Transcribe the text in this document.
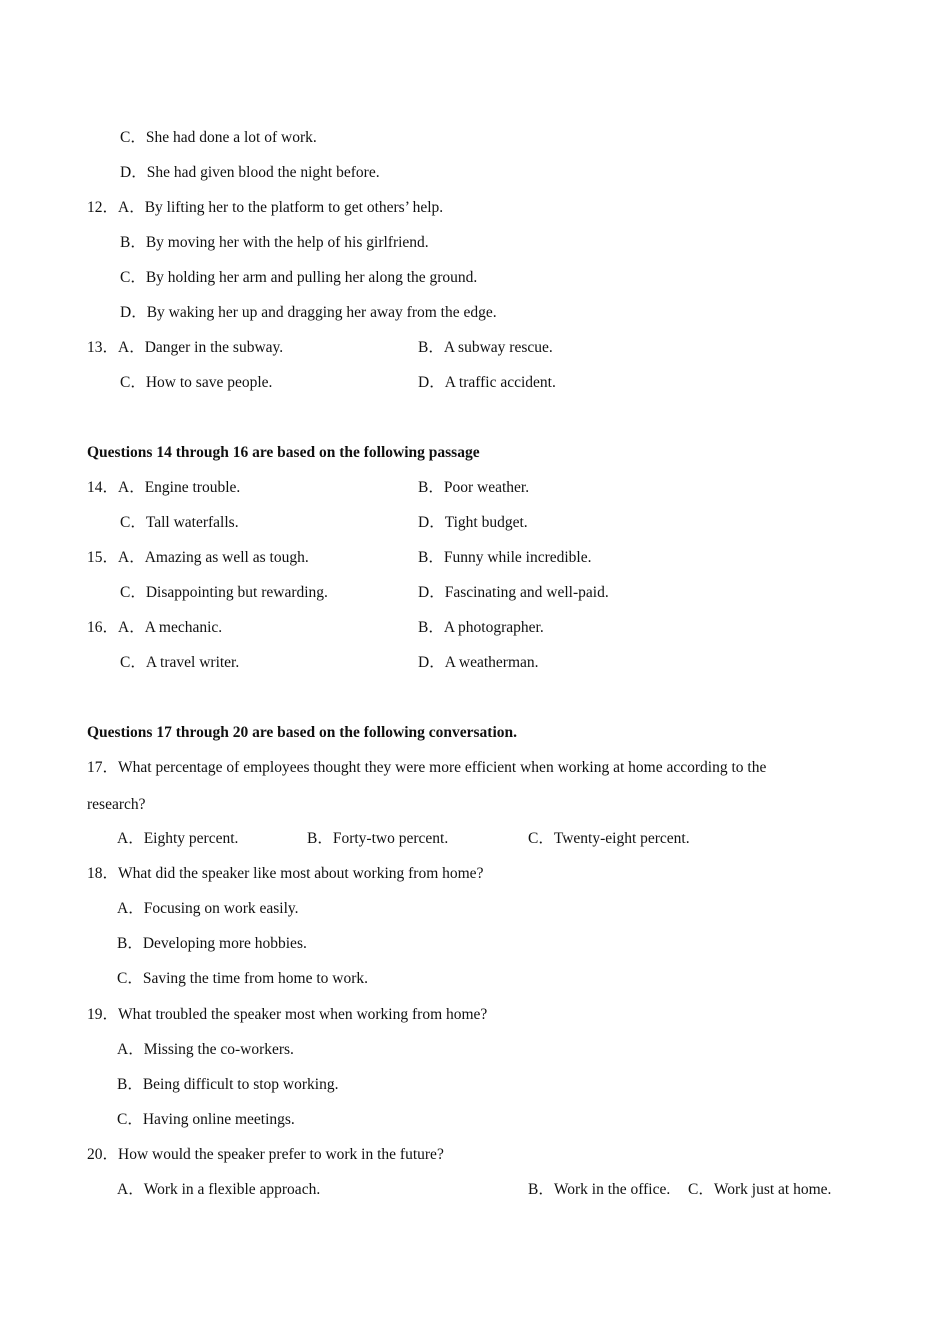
C．She had done a lot of work.
D．She had given blood the night before.
12．A．By lifting her to the platform to get others’ help.
B．By moving her with the help of his girlfriend.
C．By holding her arm and pulling her along the ground.
D．By waking her up and dragging her away from the edge.
13．A．Danger in the subway.	B．A subway rescue.
C．How to save people.	D．A traffic accident.
Questions 14 through 16 are based on the following passage
14．A．Engine trouble.	B．Poor weather.
C．Tall waterfalls.	D．Tight budget.
15．A．Amazing as well as tough.	B．Funny while incredible.
C．Disappointing but rewarding.	D．Fascinating and well-paid.
16．A．A mechanic.	B．A photographer.
C．A travel writer.	D．A weatherman.
Questions 17 through 20 are based on the following conversation.
17．What percentage of employees thought they were more efficient when working at home according to the
research?
A．Eighty percent.	B．Forty-two percent.	C．Twenty-eight percent.
18．What did the speaker like most about working from home?
A．Focusing on work easily.
B．Developing more hobbies.
C．Saving the time from home to work.
19．What troubled the speaker most when working from home?
A．Missing the co-workers.
B．Being difficult to stop working.
C．Having online meetings.
20．How would the speaker prefer to work in the future?
A．Work in a flexible approach.	B．Work in the office. C．Work just at home.
